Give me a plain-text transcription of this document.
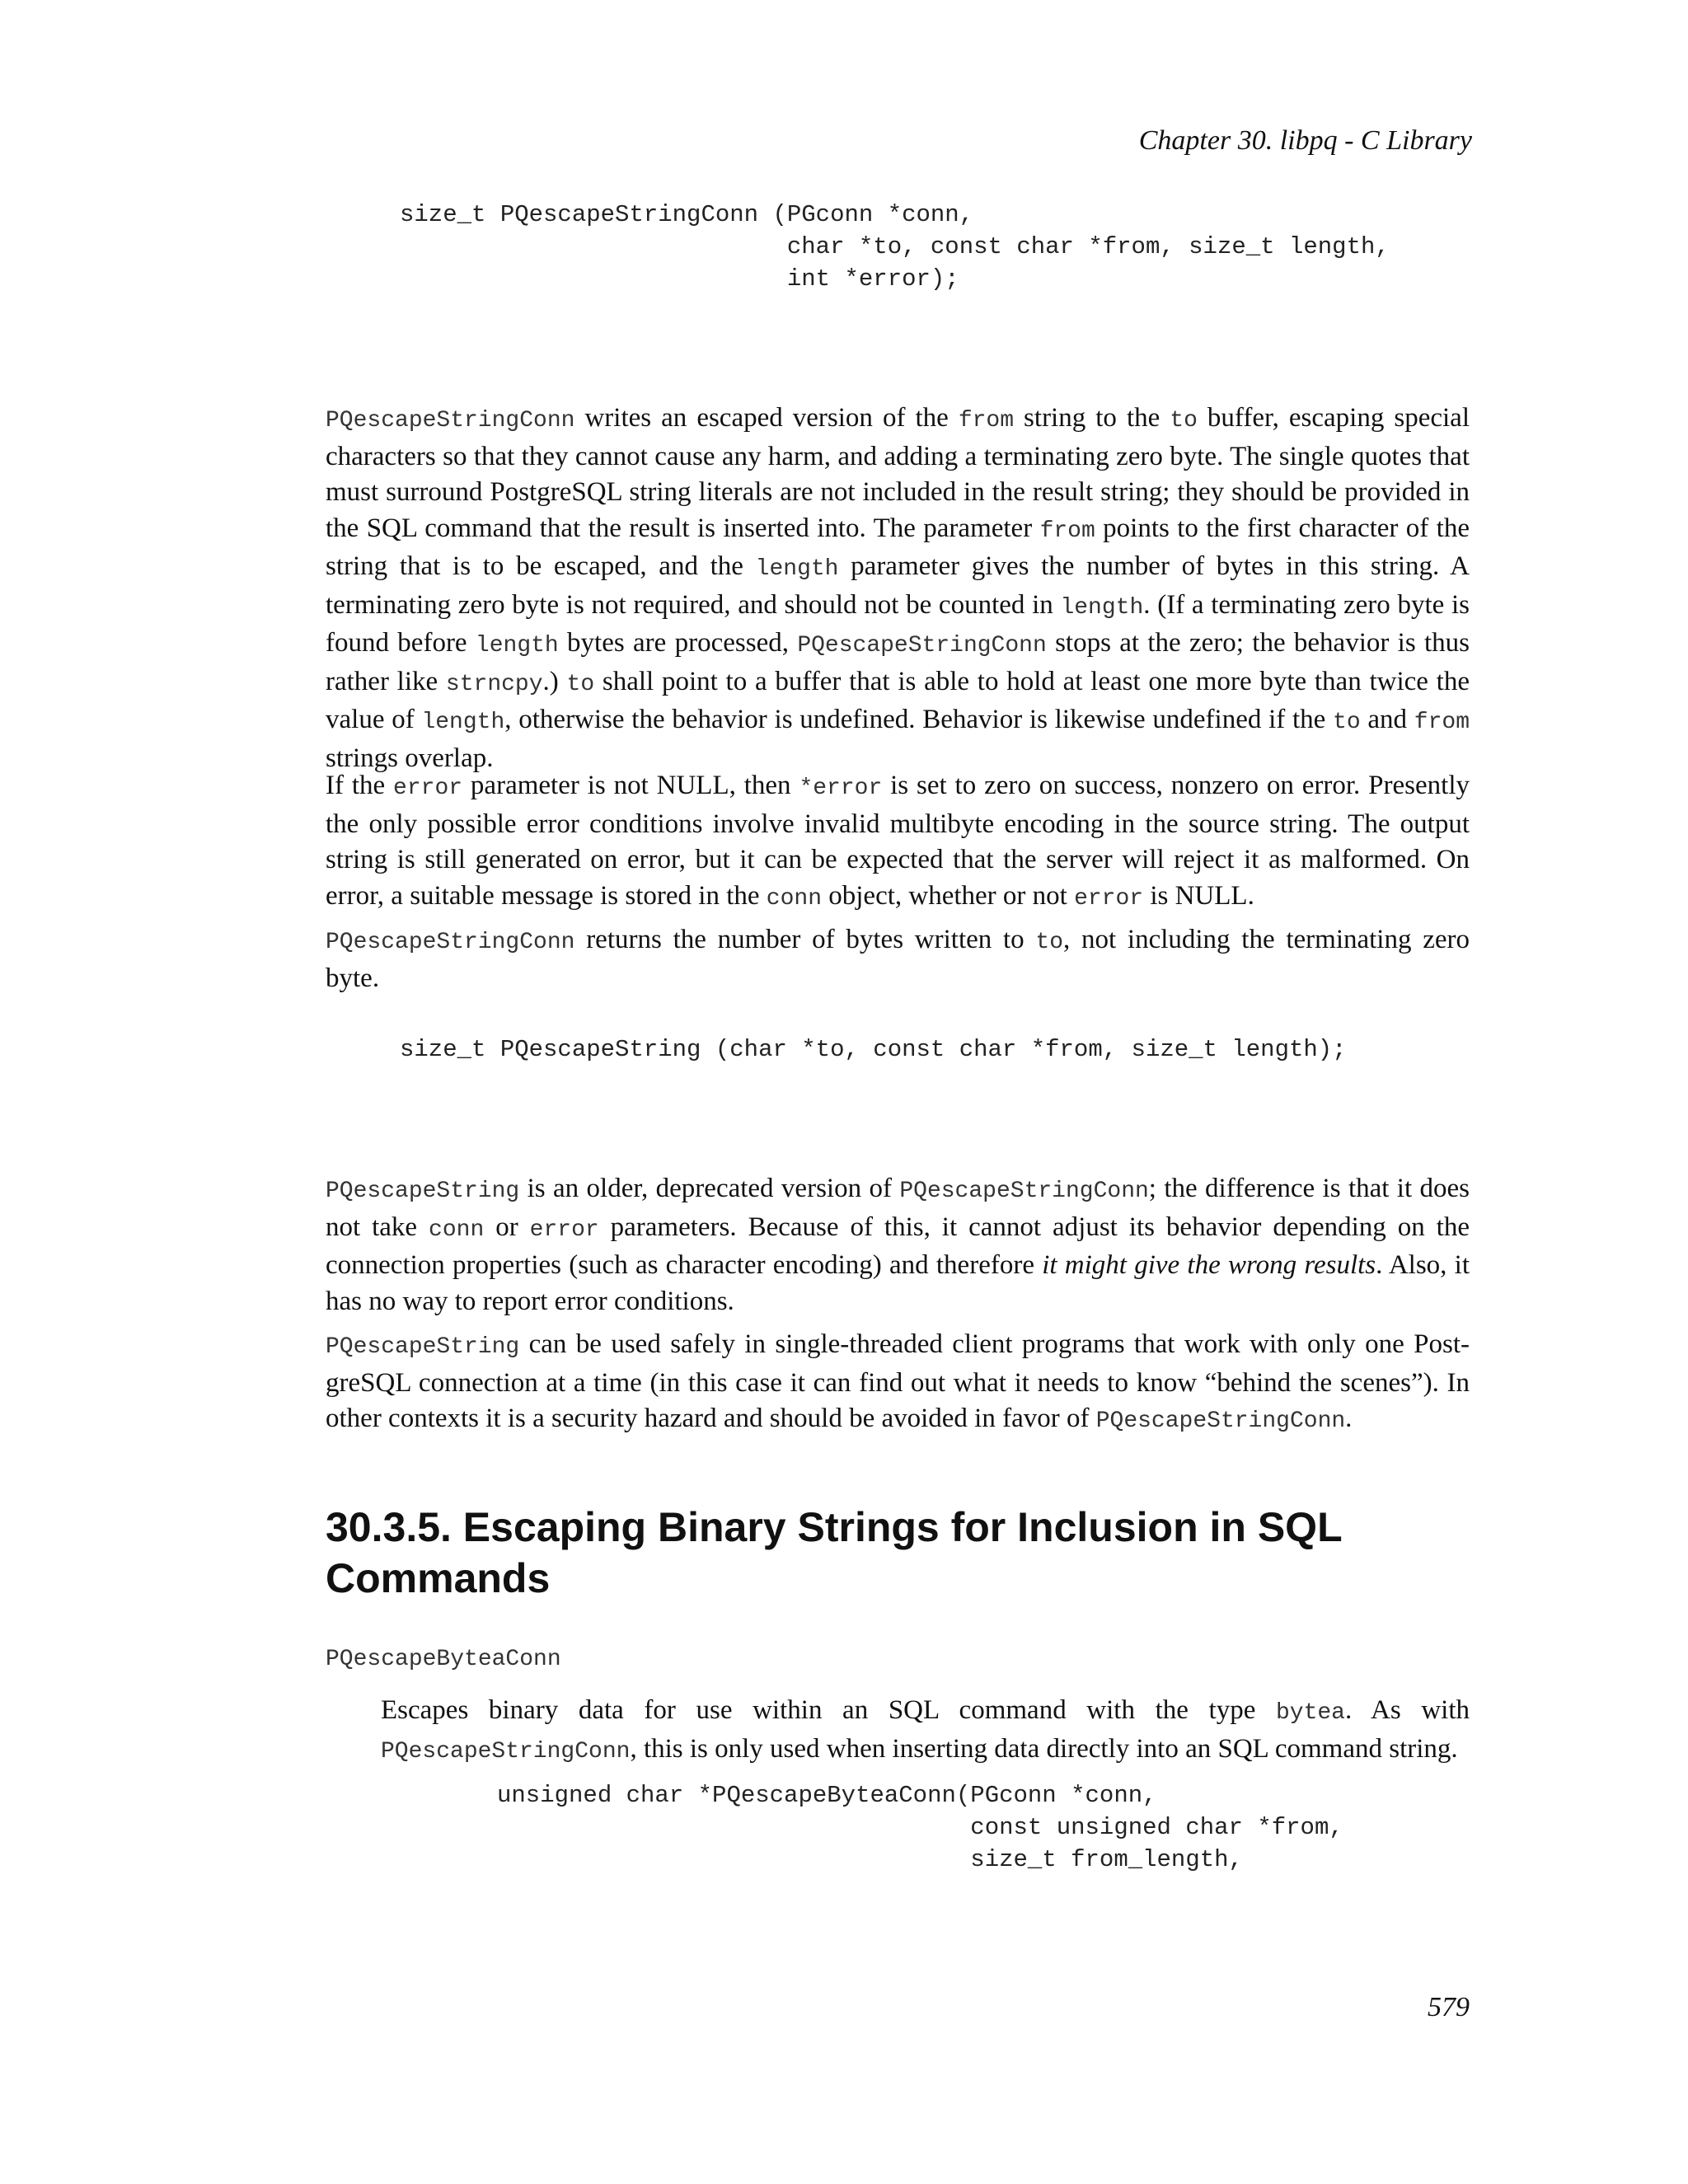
Chapter 30. libpq - C Library
size_t PQescapeStringConn (PGconn *conn,
char *to, const char *from, size_t length,
int *error);

PQescapeStringConn writes an escaped version of the from string to the to buffer, escaping special characters so that they cannot cause any harm, and adding a terminating zero byte. The single quotes that must surround PostgreSQL string literals are not included in the result string; they should be provided in the SQL command that the result is inserted into. The parameter from points to the first character of the string that is to be escaped, and the length parameter gives the number of bytes in this string. A terminating zero byte is not required, and should not be counted in length. (If a terminating zero byte is found before length bytes are processed, PQescapeStringConn stops at the zero; the behavior is thus rather like strncpy.) to shall point to a buffer that is able to hold at least one more byte than twice the value of length, otherwise the behavior is undefined. Behavior is likewise undefined if the to and from strings overlap.

If the error parameter is not NULL, then *error is set to zero on success, nonzero on error. Presently the only possible error conditions involve invalid multibyte encoding in the source string. The output string is still generated on error, but it can be expected that the server will reject it as malformed. On error, a suitable message is stored in the conn object, whether or not error is NULL.

PQescapeStringConn returns the number of bytes written to to, not including the terminating zero byte.

size_t PQescapeString (char *to, const char *from, size_t length);

PQescapeString is an older, deprecated version of PQescapeStringConn; the difference is that it does not take conn or error parameters. Because of this, it cannot adjust its behavior depending on the connection properties (such as character encoding) and therefore it might give the wrong results. Also, it has no way to report error conditions.

PQescapeString can be used safely in single-threaded client programs that work with only one PostgreSQL connection at a time (in this case it can find out what it needs to know “behind the scenes”). In other contexts it is a security hazard and should be avoided in favor of PQescapeStringConn.

30.3.5. Escaping Binary Strings for Inclusion in SQL Commands
PQescapeByteaConn

Escapes binary data for use within an SQL command with the type bytea. As with PQescapeStringConn, this is only used when inserting data directly into an SQL command string.

unsigned char *PQescapeByteaConn(PGconn *conn,
const unsigned char *from,
size_t from_length,
579
